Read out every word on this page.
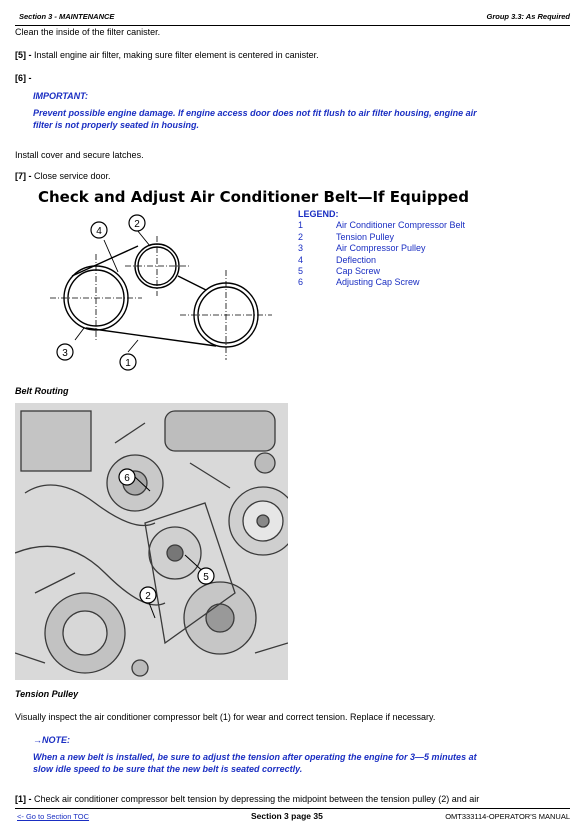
Section 3 - MAINTENANCE	Group 3.3: As Required
Clean the inside of the filter canister.
[5] - Install engine air filter, making sure filter element is centered in canister.
[6] -
IMPORTANT:
Prevent possible engine damage. If engine access door does not fit flush to air filter housing, engine air
filter is not properly seated in housing.
Install cover and secure latches.
[7] - Close service door.
Check and Adjust Air Conditioner Belt—If Equipped
4
2
3
1
LEGEND:
1	Air Conditioner Compressor Belt
2	Tension Pulley
3	Air Compressor Pulley
4	Deflection
5	Cap Screw
6	Adjusting Cap Screw
Belt Routing
6
5
2
Tension Pulley
Visually inspect the air conditioner compressor belt (1) for wear and correct tension. Replace if necessary.
→NOTE:
When a new belt is installed, be sure to adjust the tension after operating the engine for 3—5 minutes at
slow idle speed to be sure that the new belt is seated correctly.
[1] - Check air conditioner compressor belt tension by depressing the midpoint between the tension pulley (2) and air
<- Go to Section TOC	Section 3 page 35	OMT333114-OPERATOR'S MANUAL
